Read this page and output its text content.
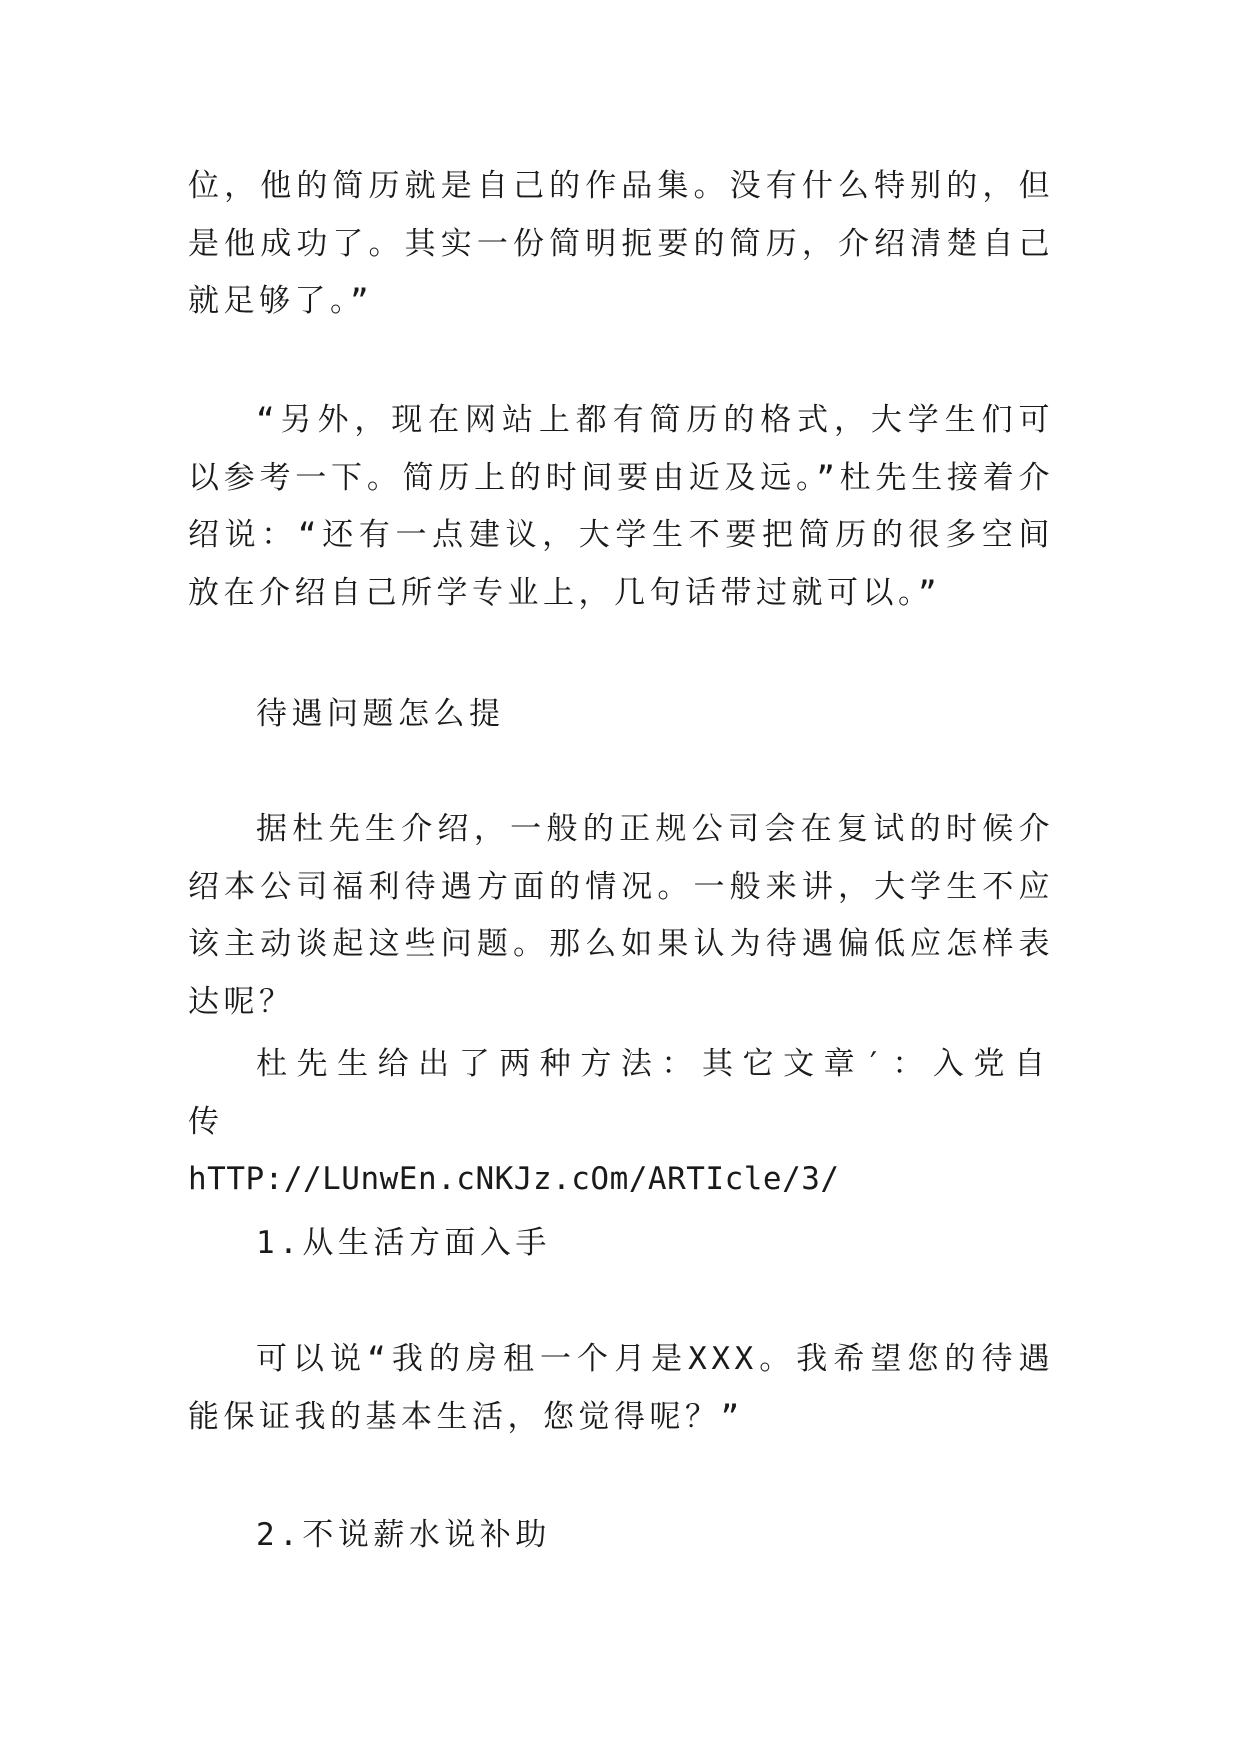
位，他的简历就是自己的作品集。没有什么特别的，但是他成功了。其实一份简明扼要的简历，介绍清楚自己就足够了。”

“另外，现在网站上都有简历的格式，大学生们可以参考一下。简历上的时间要由近及远。”杜先生接着介绍说：“还有一点建议，大学生不要把简历的很多空间放在介绍自己所学专业上，几句话带过就可以。”

待遇问题怎么提

据杜先生介绍，一般的正规公司会在复试的时候介绍本公司福利待遇方面的情况。一般来讲，大学生不应该主动谈起这些问题。那么如果认为待遇偏低应怎样表达呢？

杜先生给出了两种方法：其它文章′：入党自传
hTTP://LUnwEn.cNKJz.cOm/ARTIcle/3/

1.从生活方面入手

可以说“我的房租一个月是XXX。我希望您的待遇能保证我的基本生活，您觉得呢？”

2.不说薪水说补助
